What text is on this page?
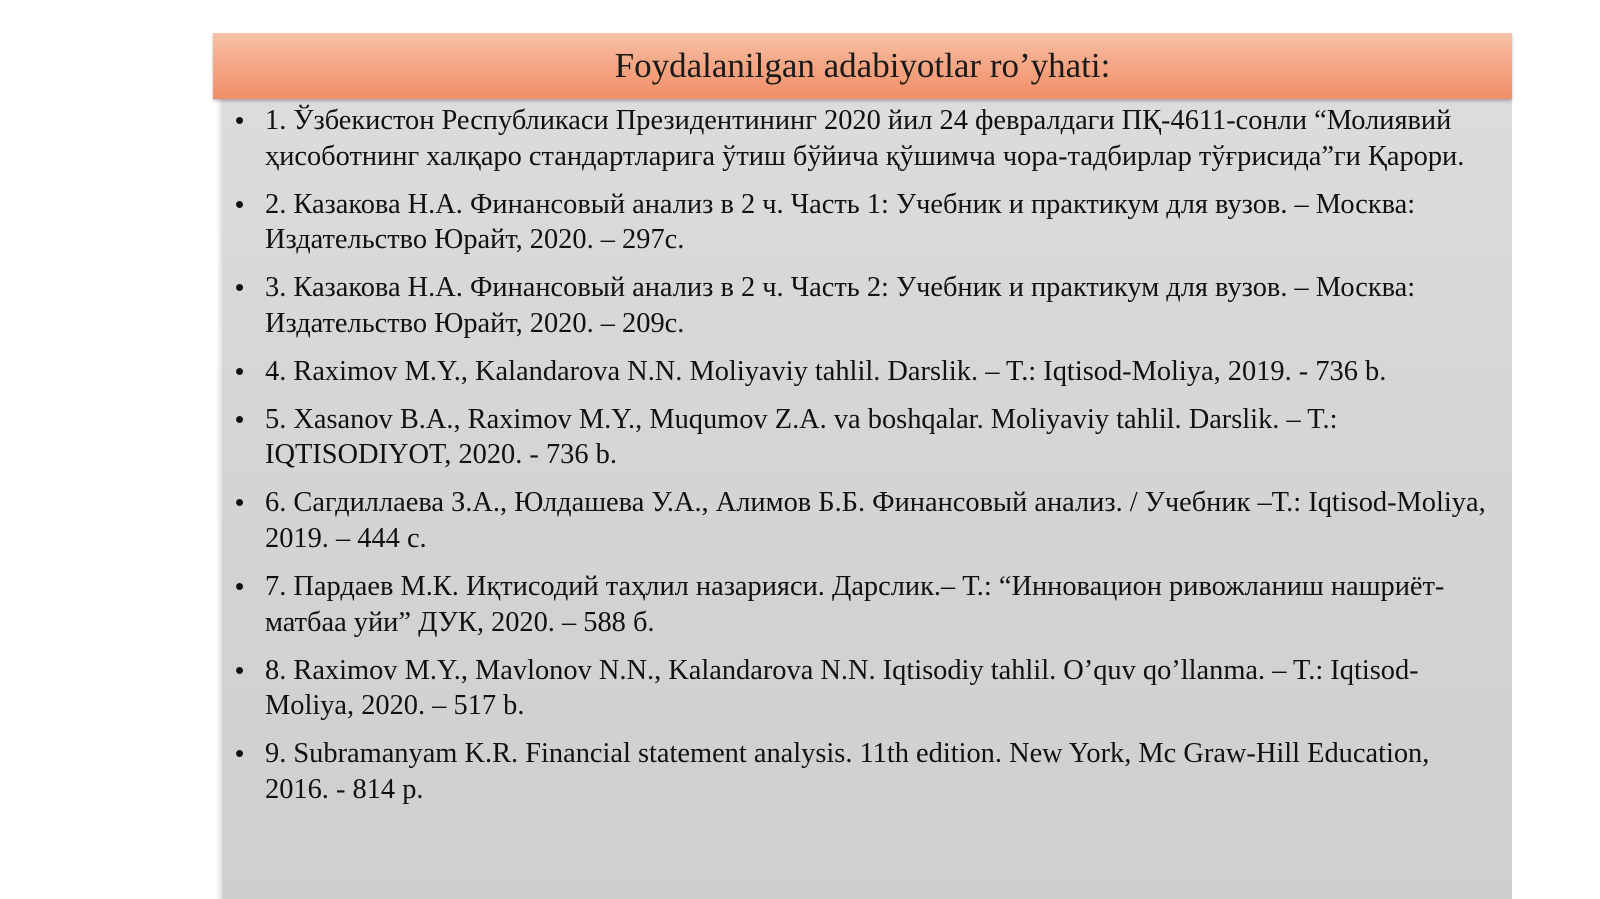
Foydalanilgan adabiyotlar ro’yhati:
• 1. Ўзбекистон Республикаси Президентининг 2020 йил 24 февралдаги ПҚ-4611-сонли “Молиявий ҳисоботнинг халқаро стандартларига ўтиш бўйича қўшимча чора-тадбирлар тўғрисида”ги Қарори.
• 2. Казакова Н.А. Финансовый анализ в 2 ч. Часть 1: Учебник и практикум для вузов. – Москва: Издательство Юрайт, 2020. – 297с.
• 3. Казакова Н.А. Финансовый анализ в 2 ч. Часть 2: Учебник и практикум для вузов. – Москва: Издательство Юрайт, 2020. – 209с.
• 4. Raximov M.Y., Kalandarova N.N. Moliyaviy tahlil. Darslik. – T.: Iqtisod-Moliya, 2019. - 736 b.
• 5. Xasanov B.A., Raximov M.Y., Muqumov Z.A. va boshqalar. Moliyaviy tahlil. Darslik. – T.: IQTISODIYOT, 2020. - 736 b.
• 6. Сагдиллаева З.А., Юлдашева У.А., Алимов Б.Б. Финансовый анализ. / Учебник –Т.: Iqtisod-Moliya, 2019. – 444 с.
• 7. Пардаев М.К. Иқтисодий таҳлил назарияси. Дарслик.– Т.: “Инновацион ривожланиш нашриёт-матбаа уйи” ДУК, 2020. – 588 б.
• 8. Raximov M.Y., Mavlonov N.N., Kalandarova N.N. Iqtisodiy tahlil. O’quv qo’llanma. – T.: Iqtisod-Moliya, 2020. – 517 b.
• 9. Subramanyam K.R. Financial statement analysis. 11th edition. New York, Mc Graw-Hill Education, 2016. - 814 p.
